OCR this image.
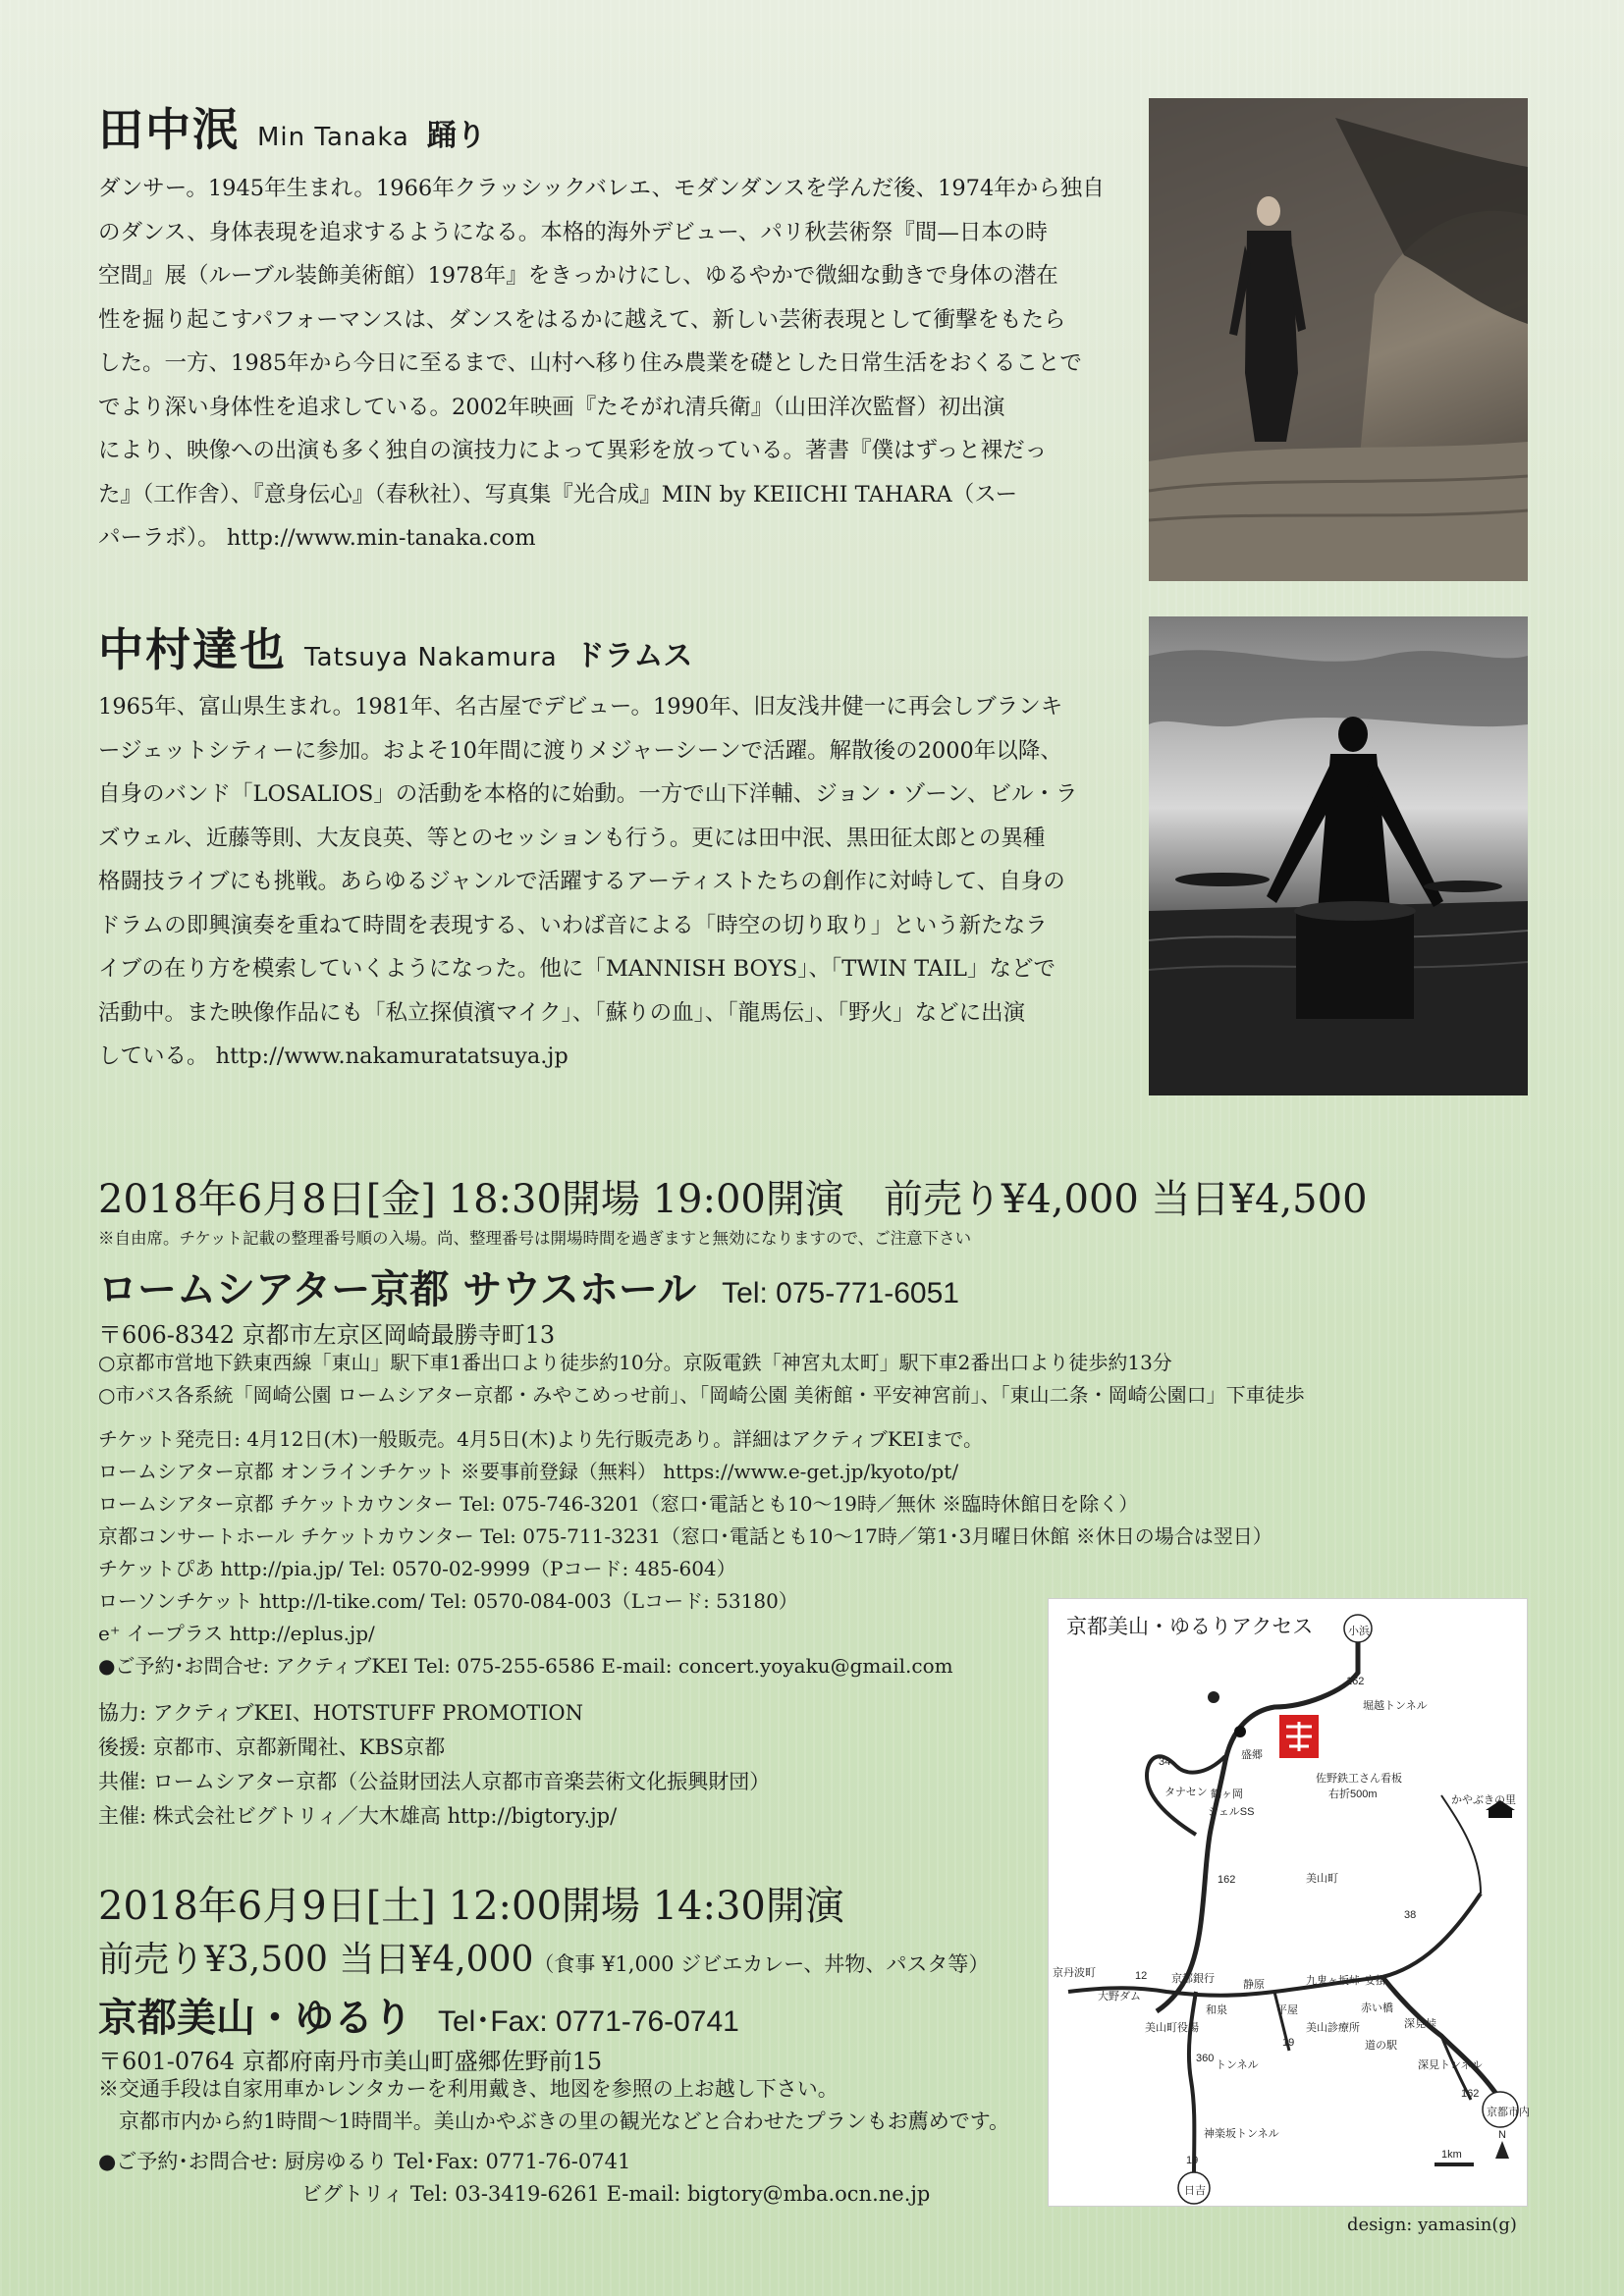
田中泯 Min Tanaka 踊り
ダンサー。1945年生まれ。1966年クラッシックバレエ、モダンダンスを学んだ後、1974年から独自
のダンス、身体表現を追求するようになる。本格的海外デビュー、パリ秋芸術祭『間—日本の時
空間』展（ルーブル装飾美術館）1978年』をきっかけにし、ゆるやかで微細な動きで身体の潜在
性を掘り起こすパフォーマンスは、ダンスをはるかに越えて、新しい芸術表現として衝撃をもたら
した。一方、1985年から今日に至るまで、山村へ移り住み農業を礎とした日常生活をおくることで
でより深い身体性を追求している。2002年映画『たそがれ清兵衛』（山田洋次監督）初出演
により、映像への出演も多く独自の演技力によって異彩を放っている。著書『僕はずっと裸だっ
た』（工作舎）、『意身伝心』（春秋社）、写真集『光合成』MIN by KEIICHI TAHARA（スー
パーラボ）。 http://www.min-tanaka.com
中村達也 Tatsuya Nakamura ドラムス
1965年、富山県生まれ。1981年、名古屋でデビュー。1990年、旧友浅井健一に再会しブランキ
ージェットシティーに参加。およそ10年間に渡りメジャーシーンで活躍。解散後の2000年以降、
自身のバンド「LOSALIOS」の活動を本格的に始動。一方で山下洋輔、ジョン・ゾーン、ビル・ラ
ズウェル、近藤等則、大友良英、等とのセッションも行う。更には田中泯、黒田征太郎との異種
格闘技ライブにも挑戦。あらゆるジャンルで活躍するアーティストたちの創作に対峙して、自身の
ドラムの即興演奏を重ねて時間を表現する、いわば音による「時空の切り取り」という新たなラ
イブの在り方を模索していくようになった。他に「MANNISH BOYS」、「TWIN TAIL」などで
活動中。また映像作品にも「私立探偵濱マイク」、「蘇りの血」、「龍馬伝」、「野火」などに出演
している。 http://www.nakamuratatsuya.jp
2018年6月8日[金] 18:30開場 19:00開演　前売り¥4,000 当日¥4,500
※自由席。チケット記載の整理番号順の入場。尚、整理番号は開場時間を過ぎますと無効になりますので、ご注意下さい
ロームシアター京都 サウスホール Tel: 075-771-6051
〒606-8342 京都市左京区岡崎最勝寺町13
○京都市営地下鉄東西線「東山」駅下車1番出口より徒歩約10分。京阪電鉄「神宮丸太町」駅下車2番出口より徒歩約13分
○市バス各系統「岡崎公園 ロームシアター京都・みやこめっせ前」、「岡崎公園 美術館・平安神宮前」、「東山二条・岡崎公園口」下車徒歩
チケット発売日: 4月12日(木)一般販売。4月5日(木)より先行販売あり。詳細はアクティブKEIまで。
ロームシアター京都 オンラインチケット ※要事前登録（無料） https://www.e-get.jp/kyoto/pt/
ロームシアター京都 チケットカウンター Tel: 075-746-3201（窓口･電話とも10〜19時／無休 ※臨時休館日を除く）
京都コンサートホール チケットカウンター Tel: 075-711-3231（窓口･電話とも10〜17時／第1･3月曜日休館 ※休日の場合は翌日）
チケットぴあ http://pia.jp/ Tel: 0570-02-9999（Pコード: 485-604）
ローソンチケット http://l-tike.com/ Tel: 0570-084-003（Lコード: 53180）
e⁺ イープラス http://eplus.jp/
●ご予約･お問合せ: アクティブKEI Tel: 075-255-6586 E-mail: concert.yoyaku@gmail.com
協力: アクティブKEI、HOTSTUFF PROMOTION
後援: 京都市、京都新聞社、KBS京都
共催: ロームシアター京都（公益財団法人京都市音楽芸術文化振興財団）
主催: 株式会社ビグトリィ／大木雄高 http://bigtory.jp/
2018年6月9日[土] 12:00開場 14:30開演
前売り¥3,500 当日¥4,000（食事 ¥1,000 ジビエカレー、丼物、パスタ等）
京都美山・ゆるり Tel･Fax: 0771-76-0741
〒601-0764 京都府南丹市美山町盛郷佐野前15
※交通手段は自家用車かレンタカーを利用戴き、地図を参照の上お越し下さい。
　京都市内から約1時間〜1時間半。美山かやぶきの里の観光などと合わせたプランもお薦めです。
●ご予約･お問合せ: 厨房ゆるり Tel･Fax: 0771-76-0741
ビグトリィ Tel: 03-3419-6261 E-mail: bigtory@mba.ocn.ne.jp
京都美山・ゆるりアクセス	小浜
162
堀越トンネル
盛郷
佐野鉄工さん看板
右折500m	かやぶきの里
34
タナセン 鶴ヶ岡
シェルSS
162	美山町
38
京丹波町	12
大野ダム
京都銀行	静原	九鬼ヶ坂峠 安掛
赤い橋
和泉	平屋
美山診療所
美山町役場
19
深見峠
道の駅
360
トンネル	深見トンネル
162
京都市内
神楽坂トンネル
19
日吉
1km
N
design: yamasin(g)
